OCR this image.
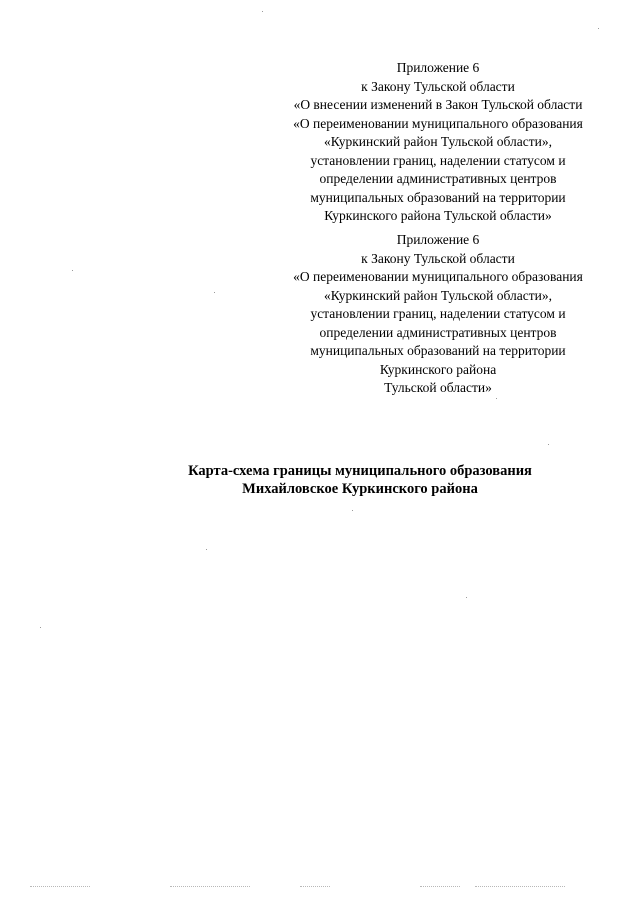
Приложение 6
к Закону Тульской области
«О внесении изменений в Закон Тульской области
«О переименовании муниципального образования
«Куркинский район Тульской области»,
установлении границ, наделении статусом и
определении административных центров
муниципальных образований на территории
Куркинского района Тульской области»
Приложение 6
к Закону Тульской области
«О переименовании муниципального образования
«Куркинский район Тульской области»,
установлении границ, наделении статусом и
определении административных центров
муниципальных образований на территории
Куркинского района
Тульской области»
Карта-схема границы муниципального образования
Михайловское Куркинского района
